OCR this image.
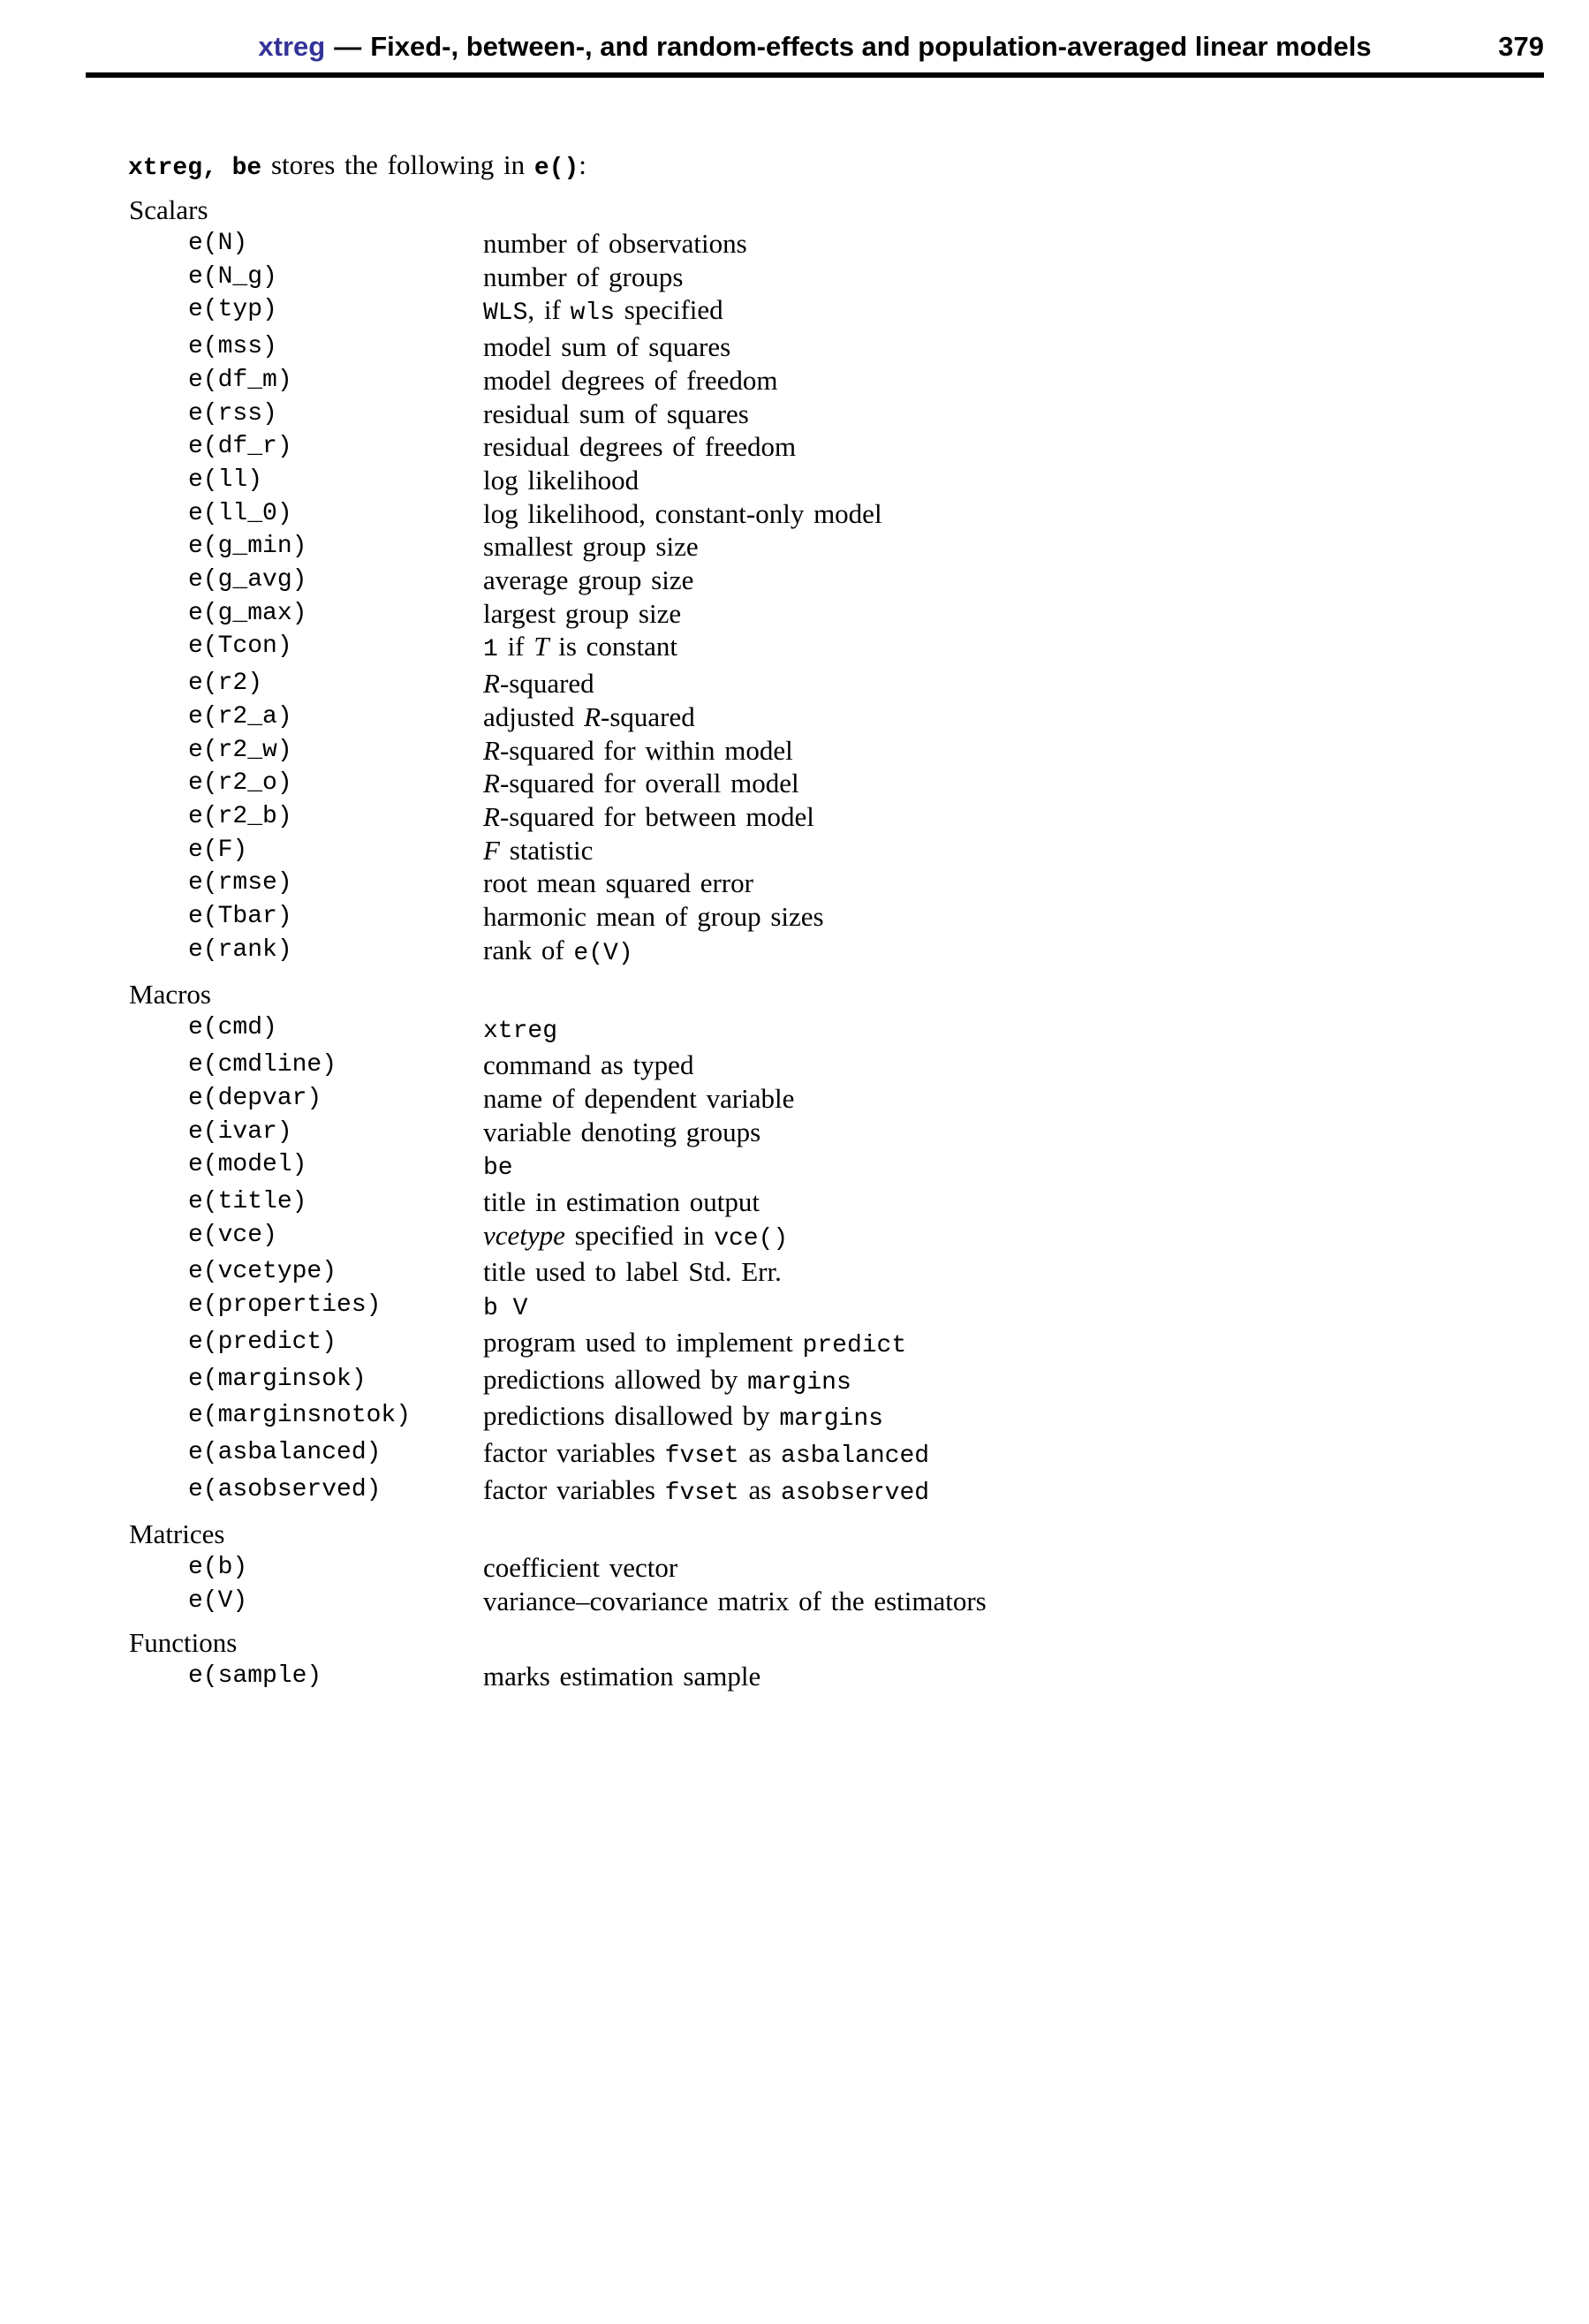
xtreg — Fixed-, between-, and random-effects and population-averaged linear models	379

xtreg, be stores the following in e():

Scalars
e(N)	number of observations
e(N_g)	number of groups
e(typ)	WLS, if wls specified
e(mss)	model sum of squares
e(df_m)	model degrees of freedom
e(rss)	residual sum of squares
e(df_r)	residual degrees of freedom
e(ll)	log likelihood
e(ll_0)	log likelihood, constant-only model
e(g_min)	smallest group size
e(g_avg)	average group size
e(g_max)	largest group size
e(Tcon)	1 if T is constant
e(r2)	R-squared
e(r2_a)	adjusted R-squared
e(r2_w)	R-squared for within model
e(r2_o)	R-squared for overall model
e(r2_b)	R-squared for between model
e(F)	F statistic
e(rmse)	root mean squared error
e(Tbar)	harmonic mean of group sizes
e(rank)	rank of e(V)
Macros
e(cmd)	xtreg
e(cmdline)	command as typed
e(depvar)	name of dependent variable
e(ivar)	variable denoting groups
e(model)	be
e(title)	title in estimation output
e(vce)	vcetype specified in vce()
e(vcetype)	title used to label Std. Err.
e(properties)	b V
e(predict)	program used to implement predict
e(marginsok)	predictions allowed by margins
e(marginsnotok)	predictions disallowed by margins
e(asbalanced)	factor variables fvset as asbalanced
e(asobserved)	factor variables fvset as asobserved
Matrices
e(b)	coefficient vector
e(V)	variance–covariance matrix of the estimators
Functions
e(sample)	marks estimation sample
